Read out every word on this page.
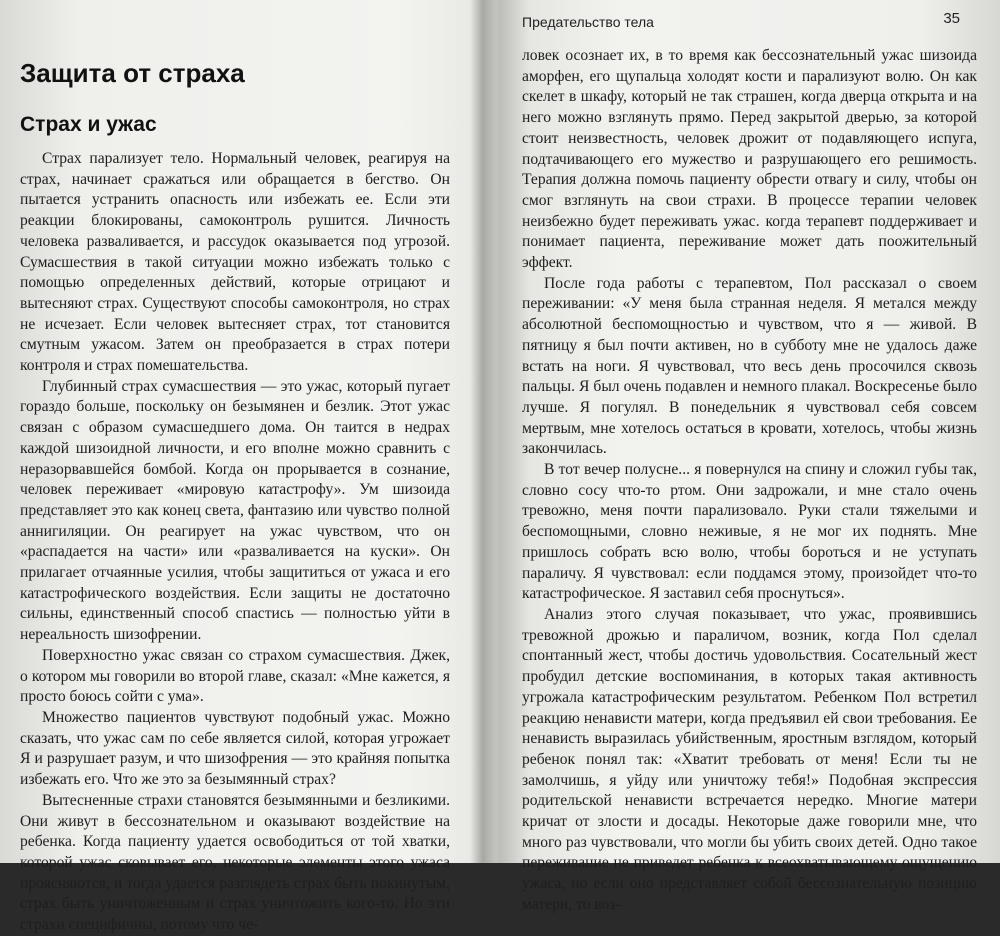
Защита от страха
Страх и ужас

Страх парализует тело. Нормальный человек, реагируя на страх, начинает сражаться или обращается в бегство. Он пытается устранить опасность или избежать ее. Если эти реакции блокированы, самоконтроль рушится. Личность человека разваливается, и рассудок оказывается под угрозой. Сумасшествия в такой ситуации можно избежать только с помощью определенных действий, которые отрицают и вытесняют страх. Существуют способы самоконтроля, но страх не исчезает. Если человек вытесняет страх, тот становится смутным ужасом. Затем он преобразается в страх потери контроля и страх помешательства.

Глубинный страх сумасшествия — это ужас, который пугает гораздо больше, поскольку он безымянен и безлик. Этот ужас связан с образом сумасшедшего дома. Он таится в недрах каждой шизоидной личности, и его вполне можно сравнить с неразорвавшейся бомбой. Когда он прорывается в сознание, человек переживает «мировую катастрофу». Ум шизоида представляет это как конец света, фантазию или чувство полной аннигиляции. Он реагирует на ужас чувством, что он «распадается на части» или «разваливается на куски». Он прилагает отчаянные усилия, чтобы защититься от ужаса и его катастрофического воздействия. Если защиты не достаточно сильны, единственный способ спастись — полностью уйти в нереальность шизофрении.

Поверхностно ужас связан со страхом сумасшествия. Джек, о котором мы говорили во второй главе, сказал: «Мне кажется, я просто боюсь сойти с ума».

Множество пациентов чувствуют подобный ужас. Можно сказать, что ужас сам по себе является силой, которая угрожает Я и разрушает разум, и что шизофрения — это крайняя попытка избежать его. Что же это за безымянный страх?

Вытесненные страхи становятся безымянными и безликими. Они живут в бессознательном и оказывают воздействие на ребенка. Когда пациенту удается освободиться от той хватки, которой ужас сковывает его, некоторые элементы этого ужаса проясняются, и тогда удается разглядеть страх быть покинутым, страх быть уничтоженным и страх уничтожить кого-то. Но эти страхи специфичны, потому что че-

Предательство тела	35

ловек осознает их, в то время как бессознательный ужас шизоида аморфен, его щупальца холодят кости и парализуют волю. Он как скелет в шкафу, который не так страшен, когда дверца открыта и на него можно взглянуть прямо. Перед закрытой дверью, за которой стоит неизвестность, человек дрожит от подавляющего испуга, подтачивающего его мужество и разрушающего его решимость. Терапия должна помочь пациенту обрести отвагу и силу, чтобы он смог взглянуть на свои страхи. В процессе терапии человек неизбежно будет переживать ужас. когда терапевт поддерживает и понимает пациента, переживание может дать поожительный эффект.

После года работы с терапевтом, Пол рассказал о своем переживании: «У меня была странная неделя. Я метался между абсолютной беспомощностью и чувством, что я — живой. В пятницу я был почти активен, но в субботу мне не удалось даже встать на ноги. Я чувствовал, что весь день просочился сквозь пальцы. Я был очень подавлен и немного плакал. Воскресенье было лучше. Я погулял. В понедельник я чувствовал себя совсем мертвым, мне хотелось остаться в кровати, хотелось, чтобы жизнь закончилась.

В тот вечер полусне... я повернулся на спину и сложил губы так, словно сосу что-то ртом. Они задрожали, и мне стало очень тревожно, меня почти парализовало. Руки стали тяжелыми и беспомощными, словно неживые, я не мог их поднять. Мне пришлось собрать всю волю, чтобы бороться и не уступать параличу. Я чувствовал: если поддамся этому, произойдет что-то катастрофическое. Я заставил себя проснуться».

Анализ этого случая показывает, что ужас, проявившись тревожной дрожью и параличом, возник, когда Пол сделал спонтанный жест, чтобы достичь удовольствия. Сосательный жест пробудил детские воспоминания, в которых такая активность угрожала катастрофическим результатом. Ребенком Пол встретил реакцию ненависти матери, когда предъявил ей свои требования. Ее ненависть выразилась убийственным, яростным взглядом, который ребенок понял так: «Хватит требовать от меня! Если ты не замолчишь, я уйду или уничтожу тебя!» Подобная экспрессия родительской ненависти встречается нередко. Многие матери кричат от злости и досады. Некоторые даже говорили мне, что много раз чувствовали, что могли бы убить своих детей. Одно такое переживание не приведет ребенка к всеохватывающему ощущению ужаса, но если оно представляет собой бессознательную позицию матери, то воз-
